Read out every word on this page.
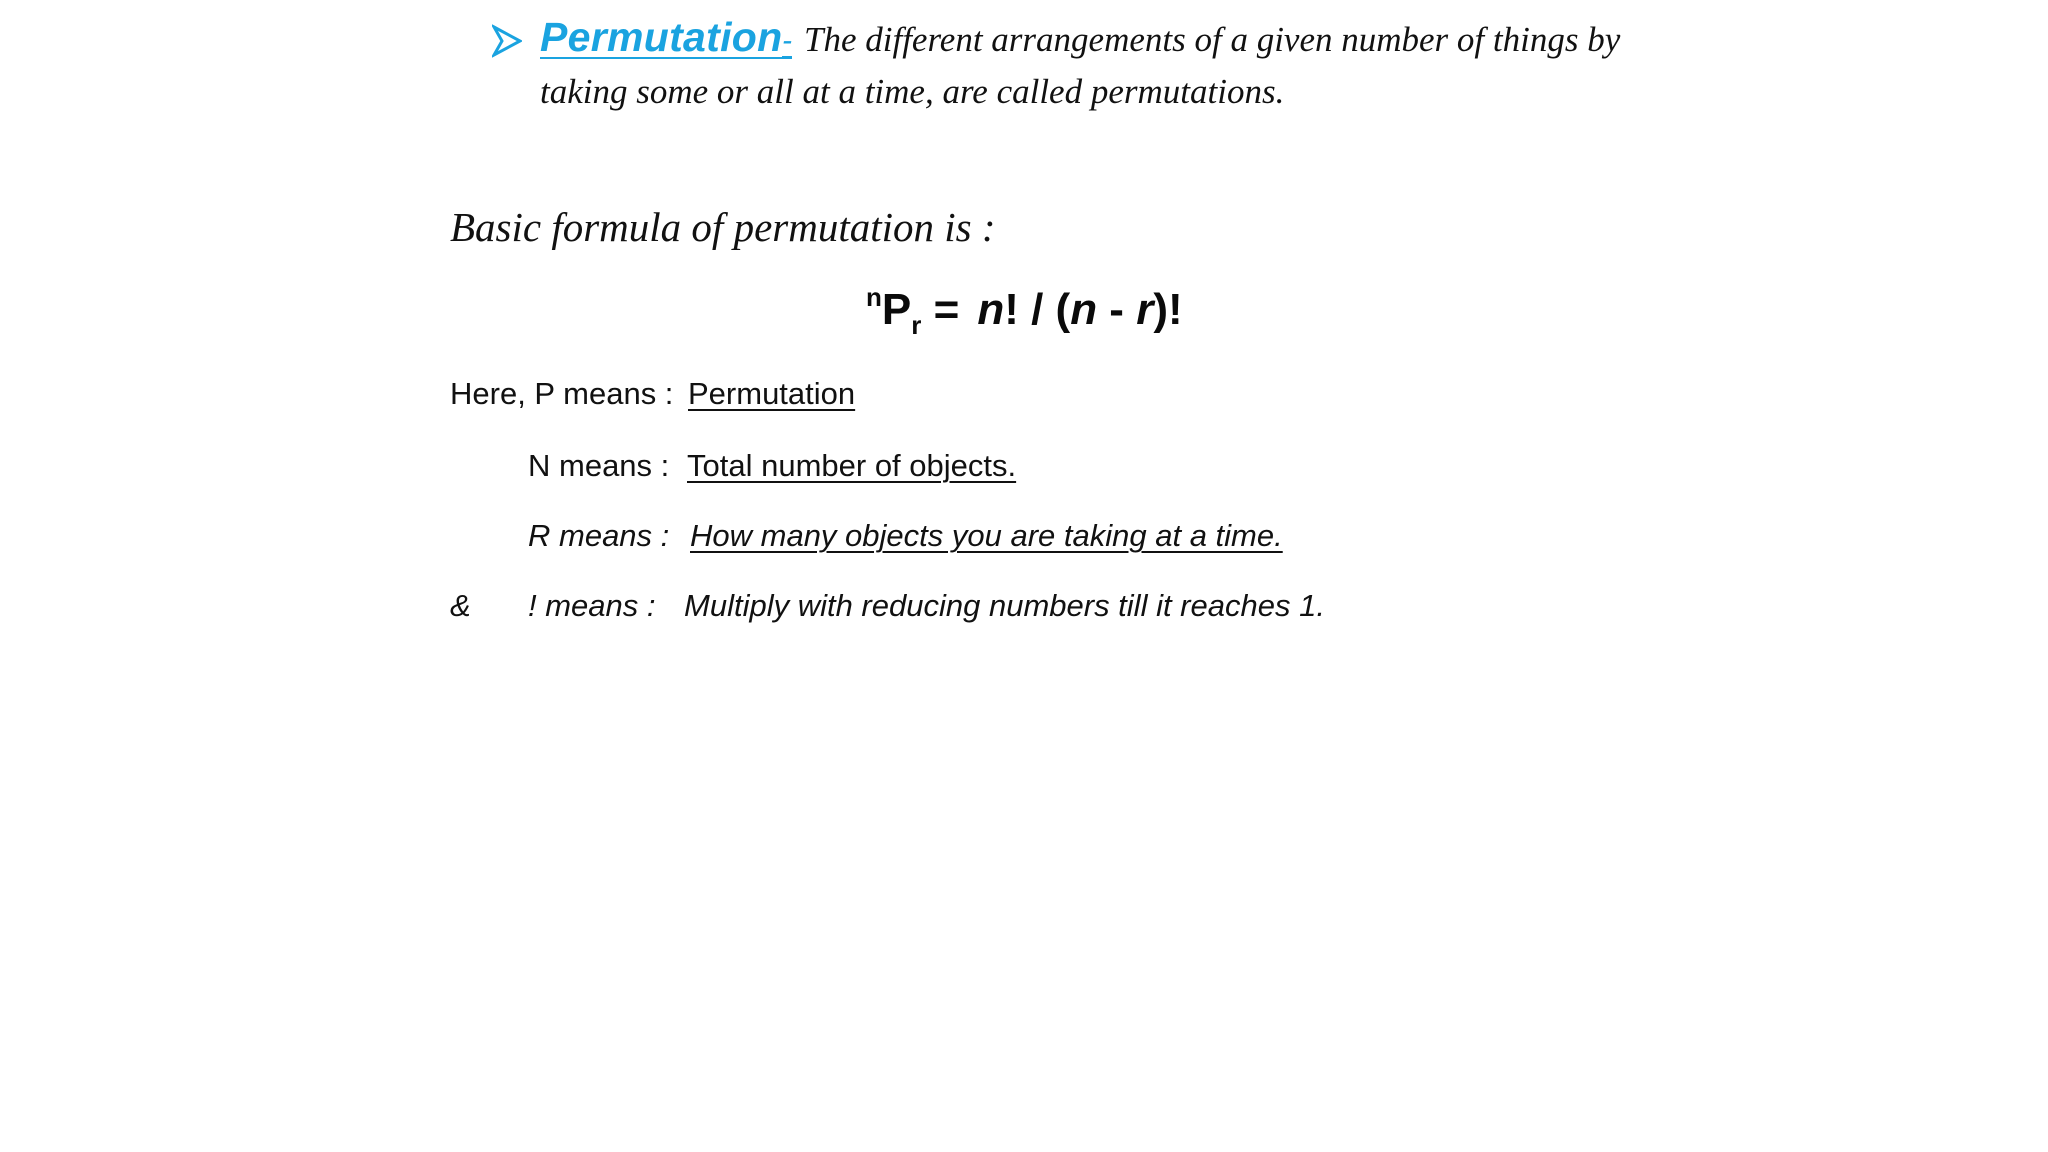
Permutation - The different arrangements of a given number of things by
taking some or all at a time, are called permutations.
Basic formula of permutation is :
$^nP_r = n$! / (n - r)!
Here, P means : Permutation
N means : Total number of objects.
R means : How many objects you are taking at a time.
& ! means : Multiply with reducing numbers till it reaches 1.
